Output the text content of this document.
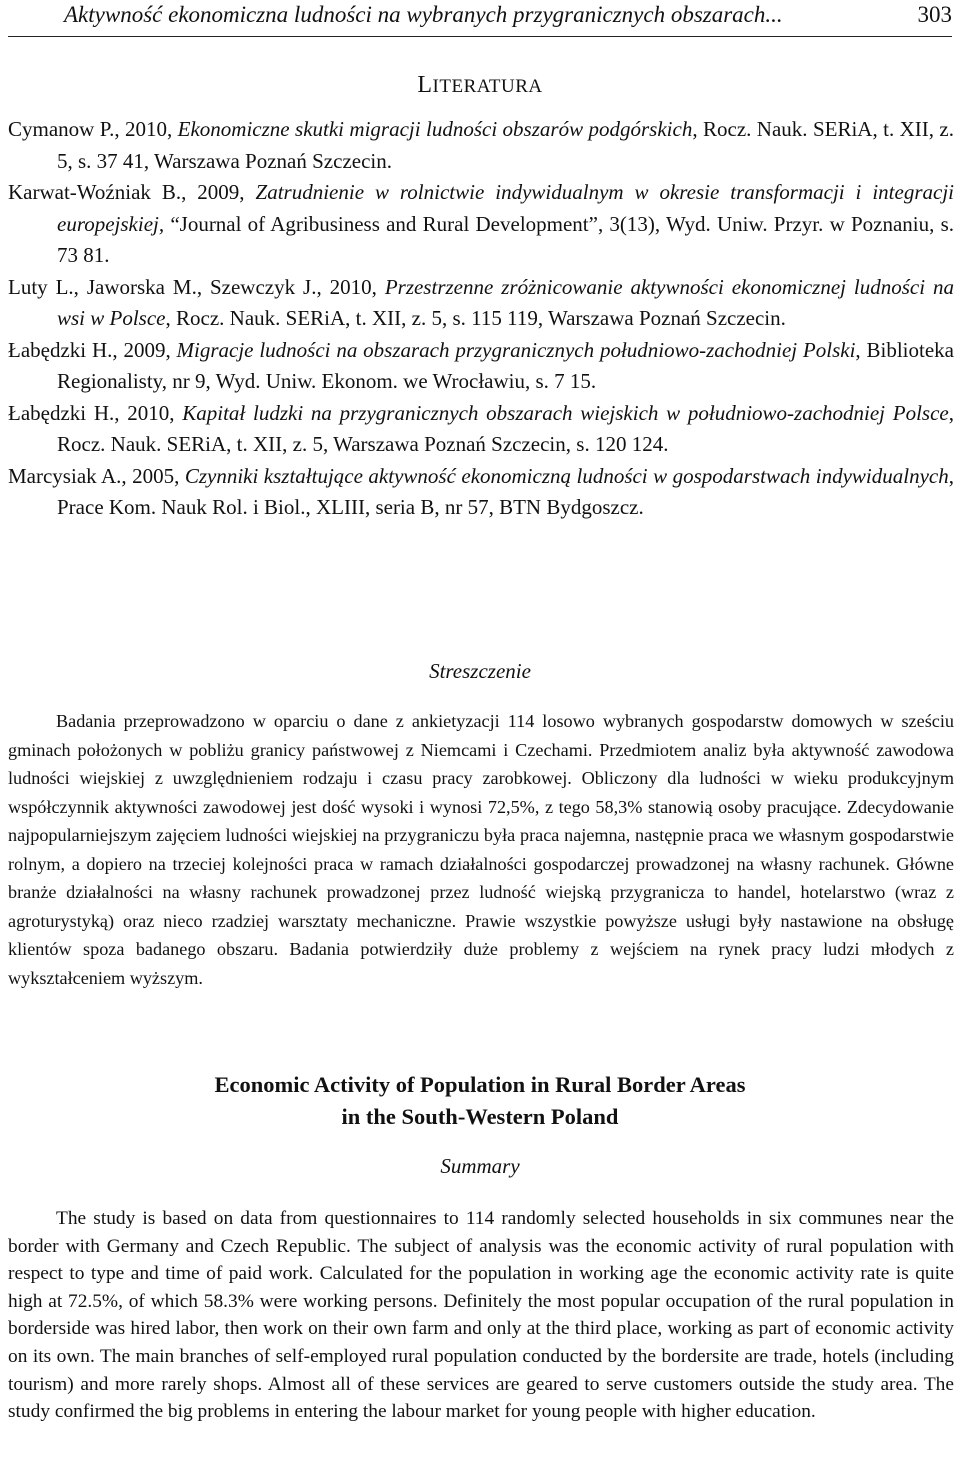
Aktywność ekonomiczna ludności na wybranych przygranicznych obszarach...	303
LITERATURA
Cymanow P., 2010, Ekonomiczne skutki migracji ludności obszarów podgórskich, Rocz. Nauk. SERiA, t. XII, z. 5, s. 37 41, Warszawa Poznań Szczecin.
Karwat-Woźniak B., 2009, Zatrudnienie w rolnictwie indywidualnym w okresie transformacji i integracji europejskiej, “Journal of Agribusiness and Rural Development”, 3(13), Wyd. Uniw. Przyr. w Poznaniu, s. 73 81.
Luty L., Jaworska M., Szewczyk J., 2010, Przestrzenne zróżnicowanie aktywności ekonomicznej ludności na wsi w Polsce, Rocz. Nauk. SERiA, t. XII, z. 5, s. 115 119, Warszawa Poznań Szczecin.
Łabędzki H., 2009, Migracje ludności na obszarach przygranicznych południowo-zachodniej Polski, Biblioteka Regionalisty, nr 9, Wyd. Uniw. Ekonom. we Wrocławiu, s. 7 15.
Łabędzki H., 2010, Kapitał ludzki na przygranicznych obszarach wiejskich w południowo-zachodniej Polsce, Rocz. Nauk. SERiA, t. XII, z. 5, Warszawa Poznań Szczecin, s. 120 124.
Marcysiak A., 2005, Czynniki kształtujące aktywność ekonomiczną ludności w gospodarstwach indywidualnych, Prace Kom. Nauk Rol. i Biol., XLIII, seria B, nr 57, BTN Bydgoszcz.
Streszczenie
Badania przeprowadzono w oparciu o dane z ankietyzacji 114 losowo wybranych gospodarstw domowych w sześciu gminach położonych w pobliżu granicy państwowej z Niemcami i Czechami. Przedmiotem analiz była aktywność zawodowa ludności wiejskiej z uwzględnieniem rodzaju i czasu pracy zarobkowej. Obliczony dla ludności w wieku produkcyjnym współczynnik aktywności zawodowej jest dość wysoki i wynosi 72,5%, z tego 58,3% stanowią osoby pracujące. Zdecydowanie najpopularniejszym zajęciem ludności wiejskiej na przygraniczu była praca najemna, następnie praca we własnym gospodarstwie rolnym, a dopiero na trzeciej kolejności praca w ramach działalności gospodarczej prowadzonej na własny rachunek. Główne branże działalności na własny rachunek prowadzonej przez ludność wiejską przygranicza to handel, hotelarstwo (wraz z agroturystyką) oraz nieco rzadziej warsztaty mechaniczne. Prawie wszystkie powyższe usługi były nastawione na obsługę klientów spoza badanego obszaru. Badania potwierdziły duże problemy z wejściem na rynek pracy ludzi młodych z wykształceniem wyższym.
Economic Activity of Population in Rural Border Areas
in the South-Western Poland
Summary
The study is based on data from questionnaires to 114 randomly selected households in six communes near the border with Germany and Czech Republic. The subject of analysis was the economic activity of rural population with respect to type and time of paid work. Calculated for the population in working age the economic activity rate is quite high at 72.5%, of which 58.3% were working persons. Definitely the most popular occupation of the rural population in borderside was hired labor, then work on their own farm and only at the third place, working as part of economic activity on its own. The main branches of self-employed rural population conducted by the bordersite are trade, hotels (including tourism) and more rarely shops. Almost all of these services are geared to serve customers outside the study area. The study confirmed the big problems in entering the labour market for young people with higher education.
